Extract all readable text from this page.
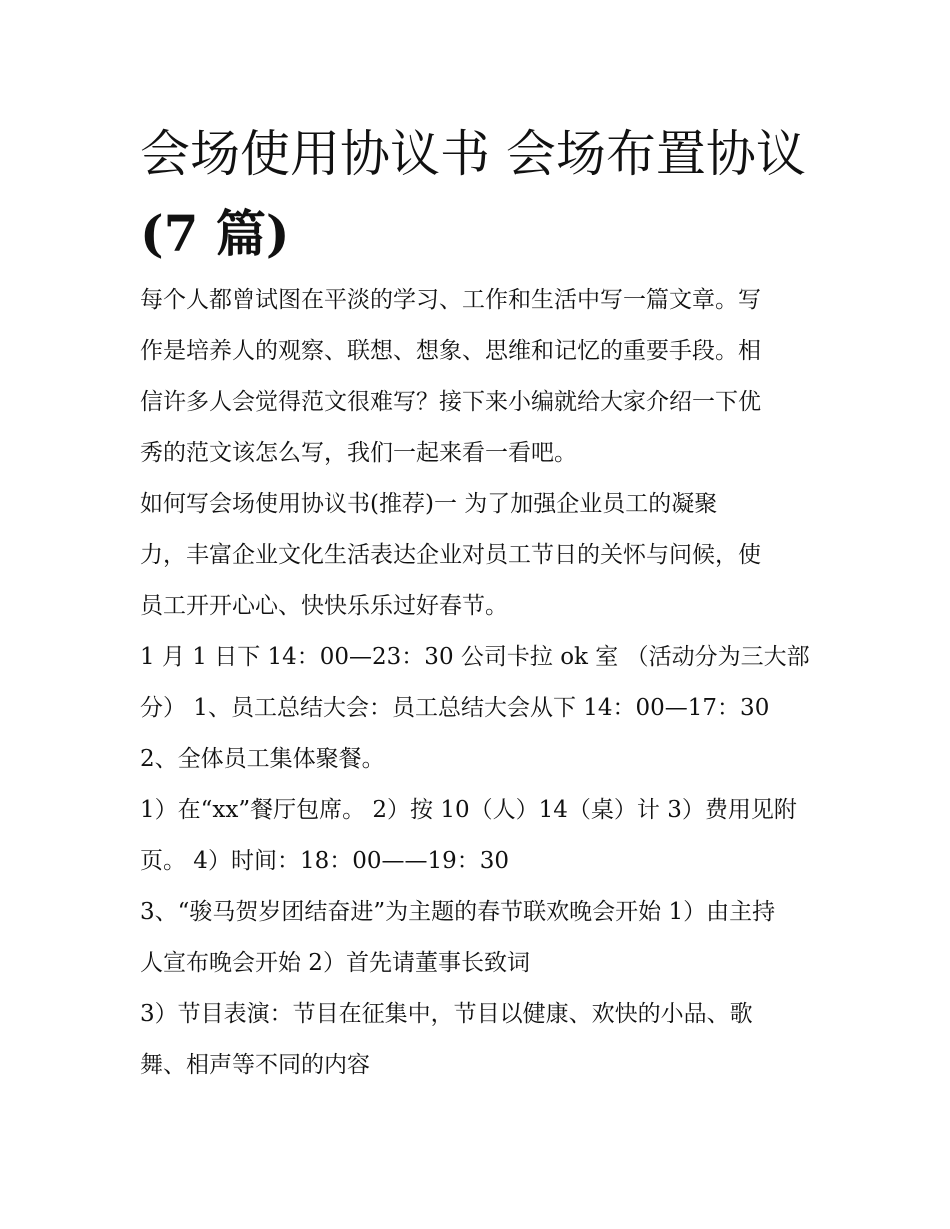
会场使用协议书 会场布置协议
(7 篇)

每个人都曾试图在平淡的学习、工作和生活中写一篇文章。写
作是培养人的观察、联想、想象、思维和记忆的重要手段。相
信许多人会觉得范文很难写？接下来小编就给大家介绍一下优
秀的范文该怎么写，我们一起来看一看吧。

如何写会场使用协议书(推荐)一 为了加强企业员工的凝聚
力，丰富企业文化生活表达企业对员工节日的关怀与问候，使
员工开开心心、快快乐乐过好春节。

1 月 1 日下 14：00—23：30 公司卡拉 ok 室 （活动分为三大部
分） 1、员工总结大会：员工总结大会从下 14：00—17：30

2、全体员工集体聚餐。

1）在“xx”餐厅包席。 2）按 10（人）14（桌）计 3）费用见附
页。 4）时间：18：00——19：30

3、“骏马贺岁团结奋进”为主题的春节联欢晚会开始 1）由主持
人宣布晚会开始 2）首先请董事长致词

3）节目表演：节目在征集中，节目以健康、欢快的小品、歌
舞、相声等不同的内容
